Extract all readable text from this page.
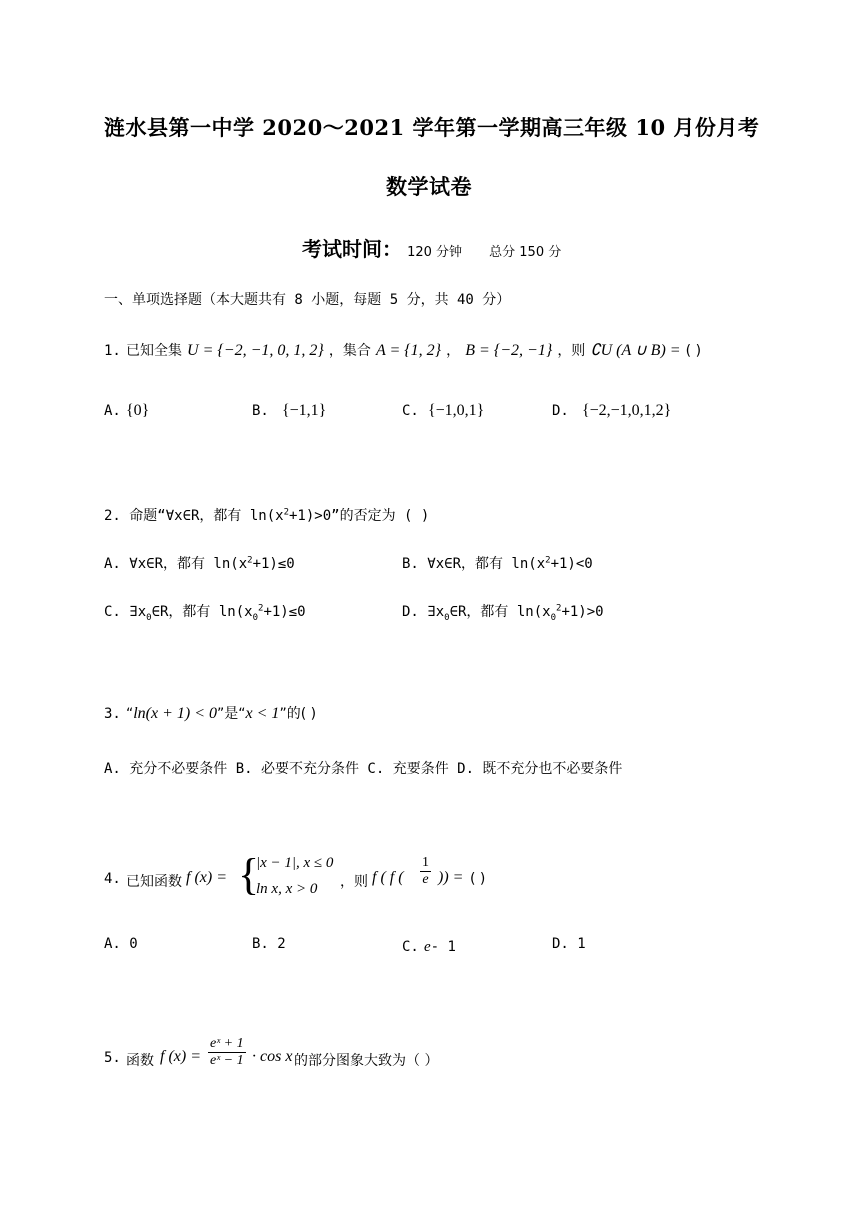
涟水县第一中学 2020～2021 学年第一学期高三年级 10 月份月考
数学试卷
考试时间： 120 分钟 总分 150 分
一、单项选择题（本大题共有 8 小题，每题 5 分，共 40 分）
1. 已知全集 U = {−2, −1, 0, 1, 2} ，集合 A = {1, 2} ， B = {−2, −1} ，则 ∁U (A ∪ B) = ( )
A. {0}	B. {−1,1}	C. {−1,0,1}	D. {−2,−1,0,1,2}
2. 命题“∀x∈R，都有 $\ln(x^2+1)>0$”的否定为 ( )
A. ∀x∈R，都有 $\ln(x^2+1)\le 0$	B. ∀x∈R，都有 $\ln(x^2+1)<0$
C. $\exists x_0\in R$，都有 $\ln(x_0^2+1)\le 0$	D. $\exists x_0\in R$，都有 $\ln(x_0^2+1)>0$
3. “ln(x + 1) < 0”是“x < 1”的( )
A. 充分不必要条件 B. 必要不充分条件 C. 充要条件 D. 既不充分也不必要条件
4. 已知函数 f (x) = {
|x − 1|, x ≤ 0
ln x, x > 0 ，则 f ( f ( $\frac{1}{e}$ )) = ( )
A. 0	B. 2	C. e- 1	D. 1
5. 函数 f $(x) = \frac{\text{eˣ + 1}}{\text{eˣ − 1}} \cdot \cos x$ 的部分图象大致为（ ）
